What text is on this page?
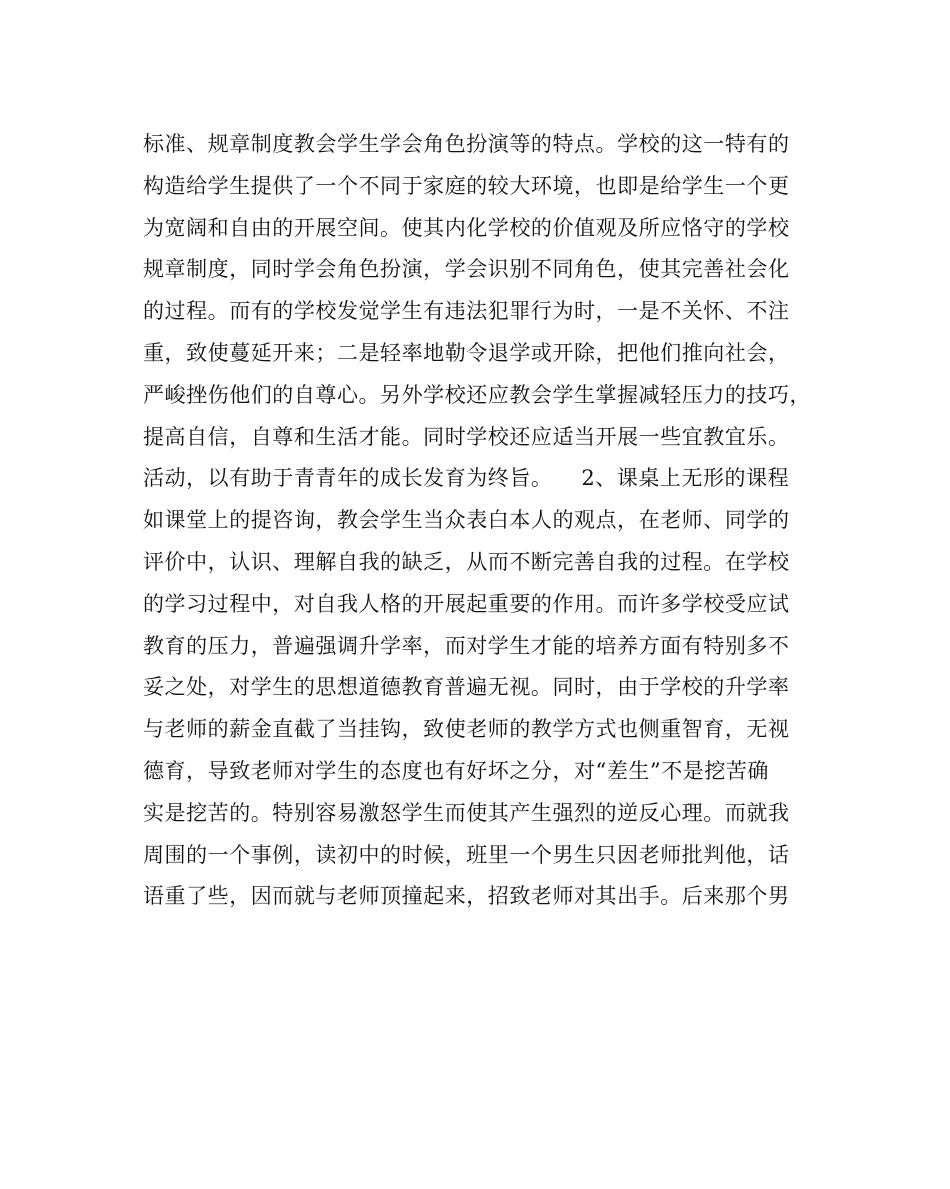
标准、规章制度教会学生学会角色扮演等的特点。学校的这一特有的
构造给学生提供了一个不同于家庭的较大环境，也即是给学生一个更
为宽阔和自由的开展空间。使其内化学校的价值观及所应恪守的学校
规章制度，同时学会角色扮演，学会识别不同角色，使其完善社会化
的过程。而有的学校发觉学生有违法犯罪行为时，一是不关怀、不注
重，致使蔓延开来；二是轻率地勒令退学或开除，把他们推向社会，
严峻挫伤他们的自尊心。另外学校还应教会学生掌握减轻压力的技巧，
提高自信，自尊和生活才能。同时学校还应适当开展一些宜教宜乐。
活动，以有助于青青年的成长发育为终旨。    2、课桌上无形的课程
如课堂上的提咨询，教会学生当众表白本人的观点，在老师、同学的
评价中，认识、理解自我的缺乏，从而不断完善自我的过程。在学校
的学习过程中，对自我人格的开展起重要的作用。而许多学校受应试
教育的压力，普遍强调升学率，而对学生才能的培养方面有特别多不
妥之处，对学生的思想道德教育普遍无视。同时，由于学校的升学率
与老师的薪金直截了当挂钩，致使老师的教学方式也侧重智育，无视
德育，导致老师对学生的态度也有好坏之分，对“差生”不是挖苦确
实是挖苦的。特别容易激怒学生而使其产生强烈的逆反心理。而就我
周围的一个事例，读初中的时候，班里一个男生只因老师批判他，话
语重了些，因而就与老师顶撞起来，招致老师对其出手。后来那个男
